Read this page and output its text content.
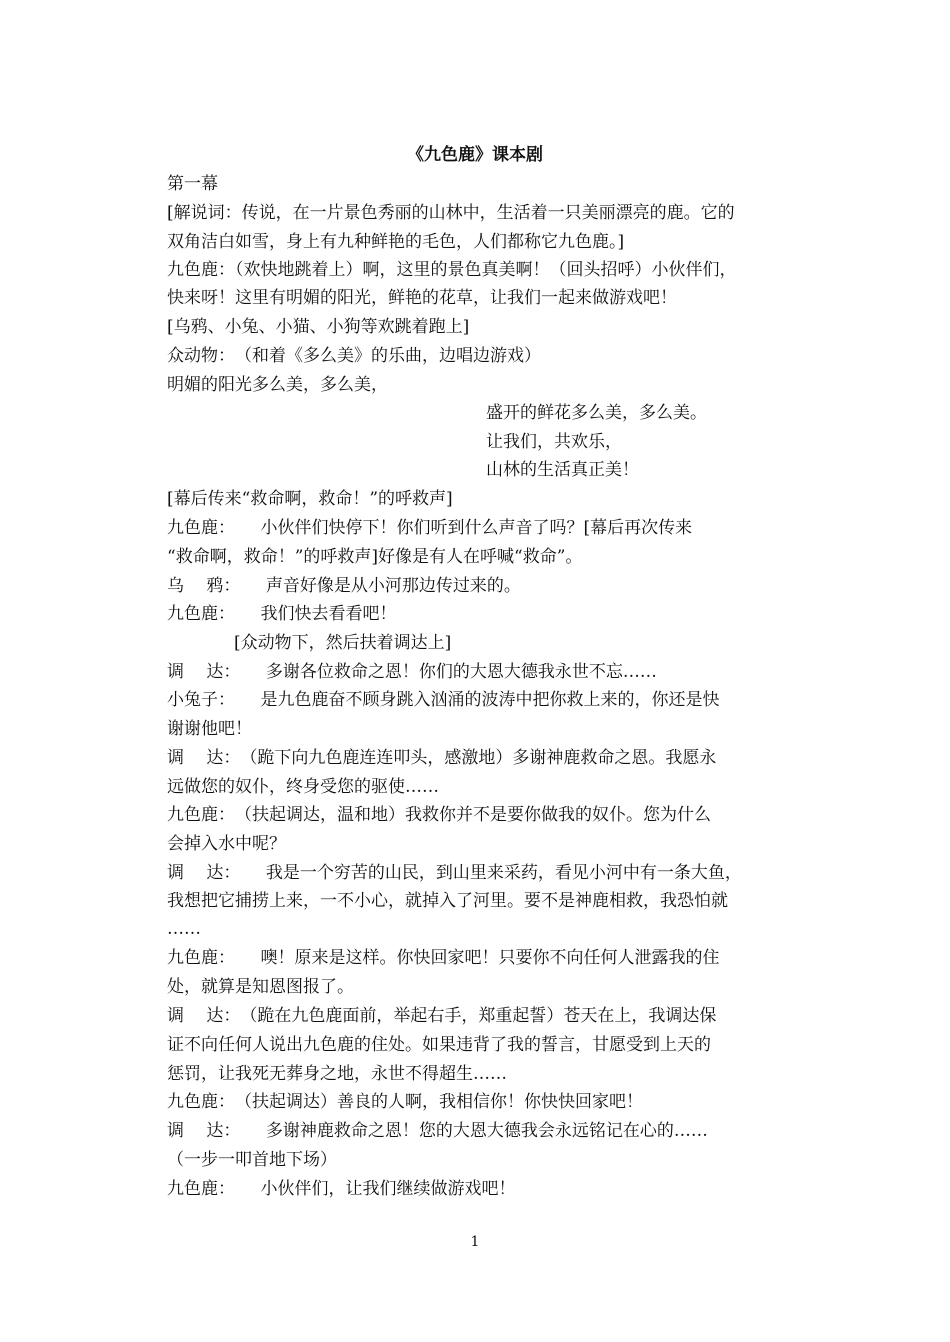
《九色鹿》课本剧
第一幕
[解说词：传说，在一片景色秀丽的山林中，生活着一只美丽漂亮的鹿。它的
双角洁白如雪，身上有九种鲜艳的毛色，人们都称它九色鹿。]
九色鹿：（欢快地跳着上）啊，这里的景色真美啊！（回头招呼）小伙伴们，
快来呀！这里有明媚的阳光，鲜艳的花草，让我们一起来做游戏吧！
[乌鸦、小兔、小猫、小狗等欢跳着跑上]
众动物：　（和着《多么美》的乐曲，边唱边游戏）
明媚的阳光多么美，多么美，
盛开的鲜花多么美，多么美。
让我们，共欢乐，
山林的生活真正美！
[幕后传来“救命啊，救命！”的呼救声]
九色鹿：　　小伙伴们快停下！你们听到什么声音了吗？[幕后再次传来
“救命啊，救命！”的呼救声]好像是有人在呼喊“救命”。
乌　 鸦：　　声音好像是从小河那边传过来的。
九色鹿：　　我们快去看看吧！
[众动物下，然后扶着调达上]
调　 达：　　多谢各位救命之恩！你们的大恩大德我永世不忘……
小兔子：　　是九色鹿奋不顾身跳入汹涌的波涛中把你救上来的，你还是快
谢谢他吧！
调　 达：　（跪下向九色鹿连连叩头，感激地）多谢神鹿救命之恩。我愿永
远做您的奴仆，终身受您的驱使……
九色鹿：　（扶起调达，温和地）我救你并不是要你做我的奴仆。您为什么
会掉入水中呢？
调　 达：　　我是一个穷苦的山民，到山里来采药，看见小河中有一条大鱼，
我想把它捕捞上来，一不小心，就掉入了河里。要不是神鹿相救，我恐怕就
……
九色鹿：　　噢！原来是这样。你快回家吧！只要你不向任何人泄露我的住
处，就算是知恩图报了。
调　 达：　（跪在九色鹿面前，举起右手，郑重起誓）苍天在上，我调达保
证不向任何人说出九色鹿的住处。如果违背了我的誓言，甘愿受到上天的
惩罚，让我死无葬身之地，永世不得超生……
九色鹿：　（扶起调达）善良的人啊，我相信你！你快快回家吧！
调　 达：　　多谢神鹿救命之恩！您的大恩大德我会永远铭记在心的……
（一步一叩首地下场）
九色鹿：　　小伙伴们，让我们继续做游戏吧！
1
